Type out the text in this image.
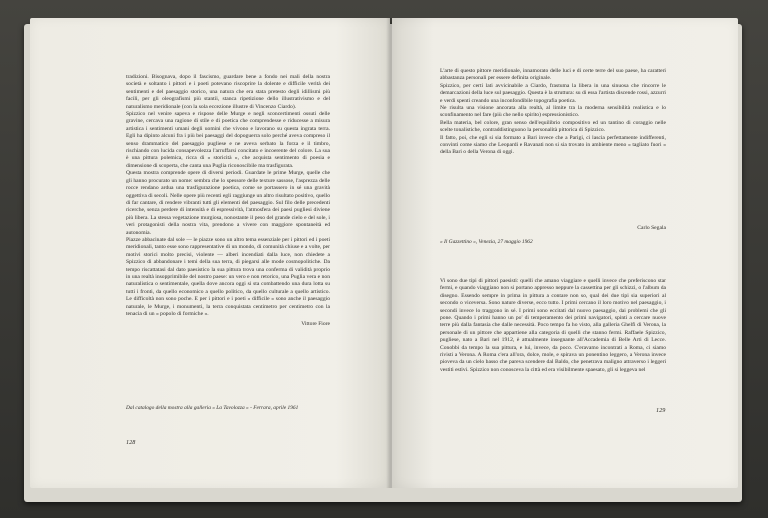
tradizioni. Bisognava, dopo il fascismo, guardare bene a fondo nei mali della nostra società e soltanto i pittori e i poeti potevano riscoprire la dolente e difficile verità dei sentimenti e del paesaggio storico, una natura che era stata pretesto degli idillismi più facili, per gli oleografismi più stantii, stanca ripetizione dello illustrativismo e del naturalismo meridionale (con la sola eccezione illustre di Vincenzo Ciardo).

Spizzico nel venire sapeva e rispose delle Murge e negli sconcertimenti ossuti delle gravine, cercava una ragione di stile e di poetica che comprendesse e riducesse a misura artistica i sentimenti umani degli uomini che vivono e lavorano su questa ingrata terra. Egli ha dipinto alcuni fra i più bei paesaggi del dopoguerra solo perché aveva compreso il senso drammatico del paesaggio pugliese e ne aveva serbato la forza e il timbro, rischiando con lucida consapevolezza l'arruffarsi concitato e incoerente del colore. La sua è una pittura polemica, ricca di « storicità », che acquista sentimento di poesia e dimensione di scoperta, che canta una Puglia riconoscibile ma trasfigurata.

Questa mostra comprende opere di diversi periodi. Guardate le prime Murge, quelle che gli hanno procurato un nome: sembra che lo spessore delle texture sassose, l'asprezza delle rocce rendano ardua una trasfigurazione poetica, come se portassero in sé una gravità oggettiva di secoli. Nelle opere più recenti egli raggiunge un altro risultato positivo, quello di far cantare, di rendere vibranti tutti gli elementi del paesaggio. Sul filo delle precedenti ricerche, senza perdere di intensità e di espressività, l'atmosfera dei paesi pugliesi diviene più libera. La stessa vegetazione murgiosa, nonostante il peso del grande cielo e del sole, i veri protagonisti della nostra vita, prendono a vivere con maggiore spontaneità ed autonomia.

Piazze abbacinate dal sole — le piazze sono un altro tema essenziale per i pittori ed i poeti meridionali, tanto esse sono rappresentative di un mondo, di comunità chiuse e a volte, per motivi storici molto precisi, violente — alberi incendiati dalla luce, non chiedete a Spizzico di abbandonare i temi della sua terra, di piegarsi alle mode cosmopolitiche. Da tempo riscattatasi dal dato paesistico la sua pittura trova una conferma di validità proprio in una realtà insopprimibile del nostro paese: un vero e non retorico, una Puglia vera e non naturalistica o sentimentale, quella dove ancora oggi si sta combattendo una dura lotta su tutti i fronti, da quello economico a quello politico, da quello culturale a quello artistico. Le difficoltà non sono poche. E per i pittori e i poeti « difficile » sono anche il paesaggio naturale, le Murge, i monumenti, la terra conquistata centimetro per centimetro con la tenacia di un « popolo di formiche ».

Vittore Fiore
Dal catalogo della mostra alla galleria « La Tavolozza » - Ferrara, aprile 1961
128

L'arte di questo pittore meridionale, innamorato delle luci e di certe terre del suo paese, ha caratteri abbastanza personali per essere definita originale.

Spizzico, per certi lati avvicinabile a Ciardo, frastuma la libera in una sinuosa che rincorre le demarcazioni della luce sul paesaggio. Questa è la struttura: su di essa l'artista discende rossi, azzurri e verdi spenti creando una inconfondibile topografia poetica.

Ne risulta una visione ancorata alla realtà, al limite tra la moderna sensibilità realistica e lo sconfinamento nel fare (più che nello spirito) espressionistico.

Bella materia, bel colore, gran senso dell'equilibrio compositivo ed un tantino di coraggio nelle scelte tonalistiche, contraddistinguono la personalità pittorica di Spizzico.

Il fatto, poi, che egli si sia formato a Bari invece che a Parigi, ci lascia perfettamente indifferenti, convinti come siamo che Leopardi e Ravanati non si sia trovato in ambiente meno « tagliato fuori » della Bari o della Verona di oggi.

Carlo Segala
« Il Gazzettino », Venezia, 27 maggio 1962

Vi sono due tipi di pittori paesisti: quelli che amano viaggiare e quelli invece che preferiscono star fermi, e quando viaggiano non si portano appresso neppure la cassettina per gli schizzi, o l'album da disegno. Essendo sempre in prima in pittura a contare non so, qual dei due tipi sia superiori al secondo o viceversa. Sono nature diverse, ecco tutto. I primi cercano il loro motivo nel paesaggio, i secondi invece lo traggono in sé. I primi sono eccitati dal nuovo paesaggio, dai problemi che gli pone. Quando i primi hanno un po' di temperamento dei primi navigatori, spinti a cercare nuove terre più dalla fantasia che dalle necessità. Poco tempo fa ho visto, alla galleria Ghelfi di Verona, la personale di un pittore che appartiene alla categoria di quelli che stanno fermi. Raffaele Spizzico, pugliese, nato a Bari nel 1912, è attualmente insegnante all'Accademia di Belle Arti di Lecce. Conobbi da tempo la sua pittura, e lui, invece, da poco. C'eravamo incontrati a Roma, ci siamo rivisti a Verona. A Roma c'era all'ora, dolce, mole, e spirava un ponentino leggero, a Verona invece pioveva da un cielo basso che pareva scendere dal Baldo, che penetrava maligno attraverso i leggeri vestiti estivi. Spizzico non conosceva la città ed era visibilmente spaesato, gli si leggeva nel

129
